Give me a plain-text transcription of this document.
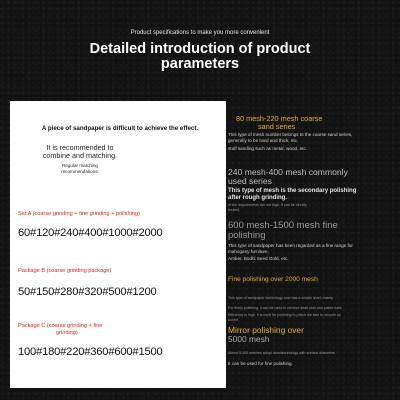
Product specifications to make you more convenient
Detailed introduction of product
parameters
A piece of sandpaper is difficult to achieve the effect.
It is recommended to
combine and matching.
Regular matching
recommendations:
Set A (coarse grinding + fine grinding + polishing)
60#120#240#400#1000#2000
Package B (coarse grinding package)
50#150#280#320#500#1200
Package C (coarse grinding + fine
grinding)
100#180#220#360#600#1500
80 mesh-220 mesh coarse
sand series
This type of mesh number belongs to the coarse sand series,
generally to be hard and thick, etc.
stuff sanding such as metal, wood, etc.
240 mesh-400 mesh commonly
used series
This type of mesh is the secondary polishing
after rough grinding.
of the requirements are not high. It can be directly
treated.
600 mesh-1500 mesh fine
polishing
This type of sandpaper has been regarded as a fine range for
mahogany furniture,
Amber, Bodhi Seed Gold, etc.
Fine polishing over 2000 mesh
This type of sandpaper technology now has a certain level, mainly
For finely polishing, it can be used to remove dead skin and polish nails.
Efficiency is high. It is used for polishing to polish the skin to smooth by
sound.
Mirror polishing over
5000 mesh
Above 5,000 meshes adopt nanotechnology with surface diameters
It can be used for fine polishing.
